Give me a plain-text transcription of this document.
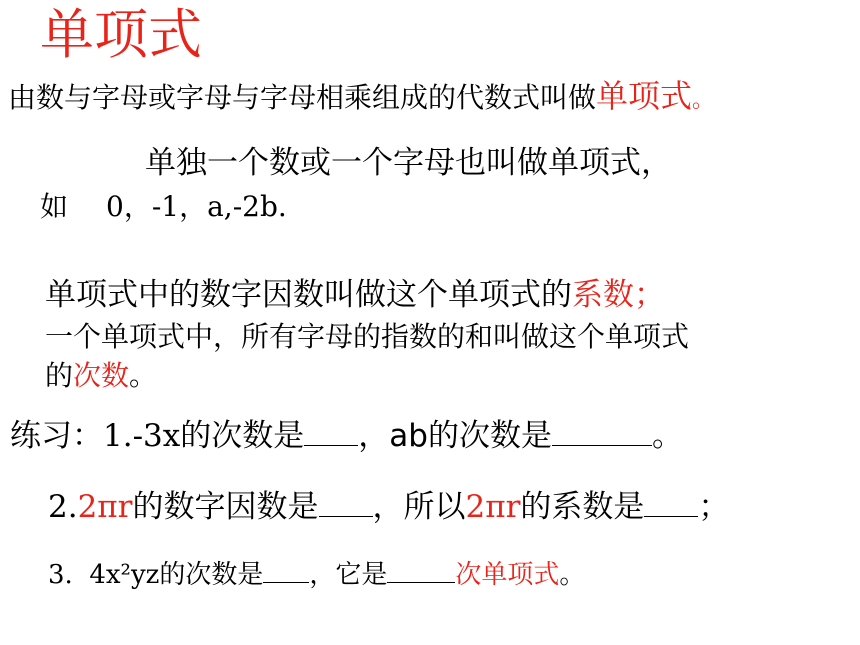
单项式
由数与字母或字母与字母相乘组成的代数式叫做单项式。
单独一个数或一个字母也叫做单项式，
如 0，-1，a,-2b.
单项式中的数字因数叫做这个单项式的系数；
一个单项式中，所有字母的指数的和叫做这个单项式
的次数。
练习：1.-3x的次数是 ，ab的次数是	。
2.2πr的数字因数是 ，所以2πr的系数是 ；
3. 4x²yz的次数是 ，它是	次单项式。
